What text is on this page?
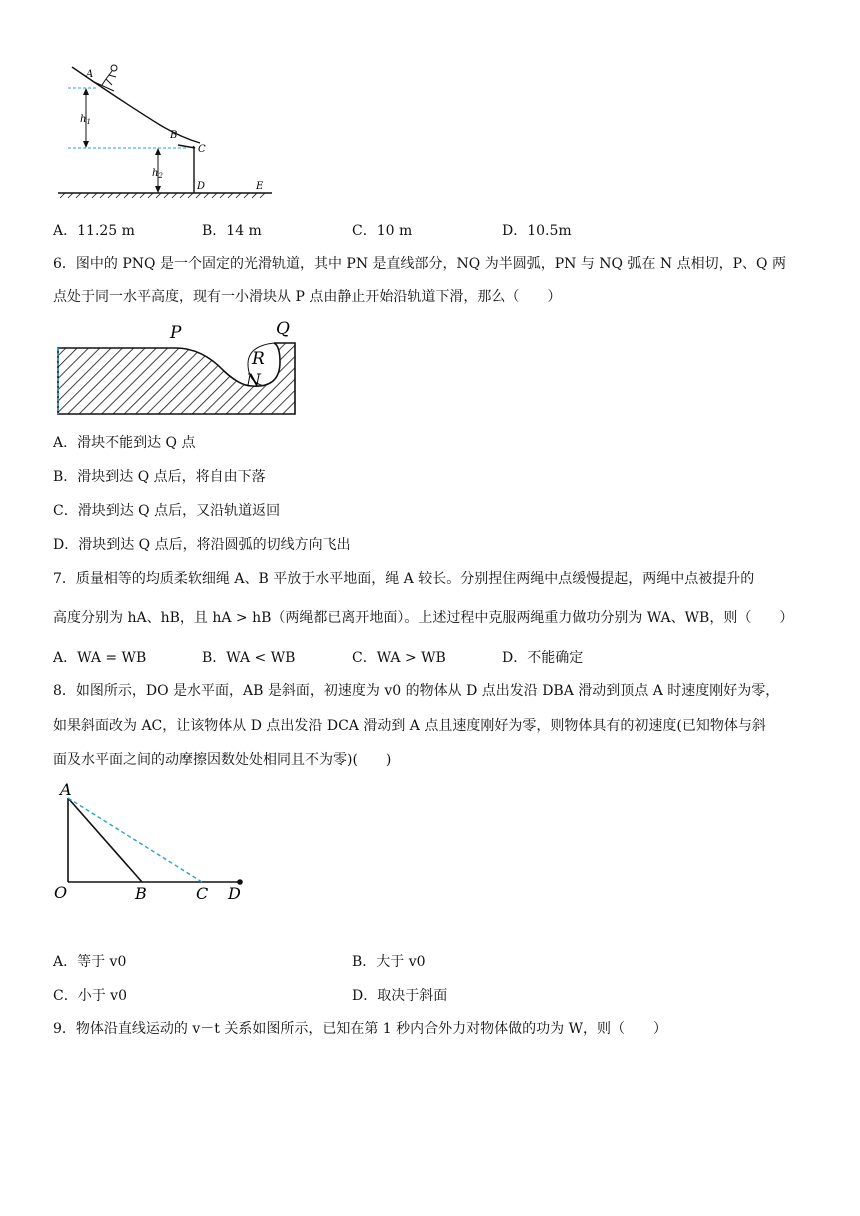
A
B
C
D	E
$h_1$
$h_2$
A．11.25 m	B．14 m	C．10 m	D．10.5m
6．图中的 PNQ 是一个固定的光滑轨道，其中 PN 是直线部分，NQ 为半圆弧，PN 与 NQ 弧在 N 点相切，P、Q 两
点处于同一水平高度，现有一小滑块从 P 点由静止开始沿轨道下滑，那么（　　）
P	Q
R
N
A．滑块不能到达 Q 点
B．滑块到达 Q 点后，将自由下落
C．滑块到达 Q 点后，又沿轨道返回
D．滑块到达 Q 点后，将沿圆弧的切线方向飞出
7．质量相等的均质柔软细绳 A、B 平放于水平地面，绳 A 较长。分别捏住两绳中点缓慢提起，两绳中点被提升的
高度分别为 hA、hB，且 hA > hB（两绳都已离开地面）。上述过程中克服两绳重力做功分别为 WA、WB，则（　　）
A．WA = WB	B．WA < WB	C．WA > WB	D．不能确定
8．如图所示，DO 是水平面，AB 是斜面，初速度为 v0 的物体从 D 点出发沿 DBA 滑动到顶点 A 时速度刚好为零，
如果斜面改为 AC，让该物体从 D 点出发沿 DCA 滑动到 A 点且速度刚好为零，则物体具有的初速度(已知物体与斜
面及水平面之间的动摩擦因数处处相同且不为零)(　　)
A
O	B	C D
A．等于 v0	B．大于 v0
C．小于 v0	D．取决于斜面
9．物体沿直线运动的 v－t 关系如图所示，已知在第 1 秒内合外力对物体做的功为 W，则（　　）
